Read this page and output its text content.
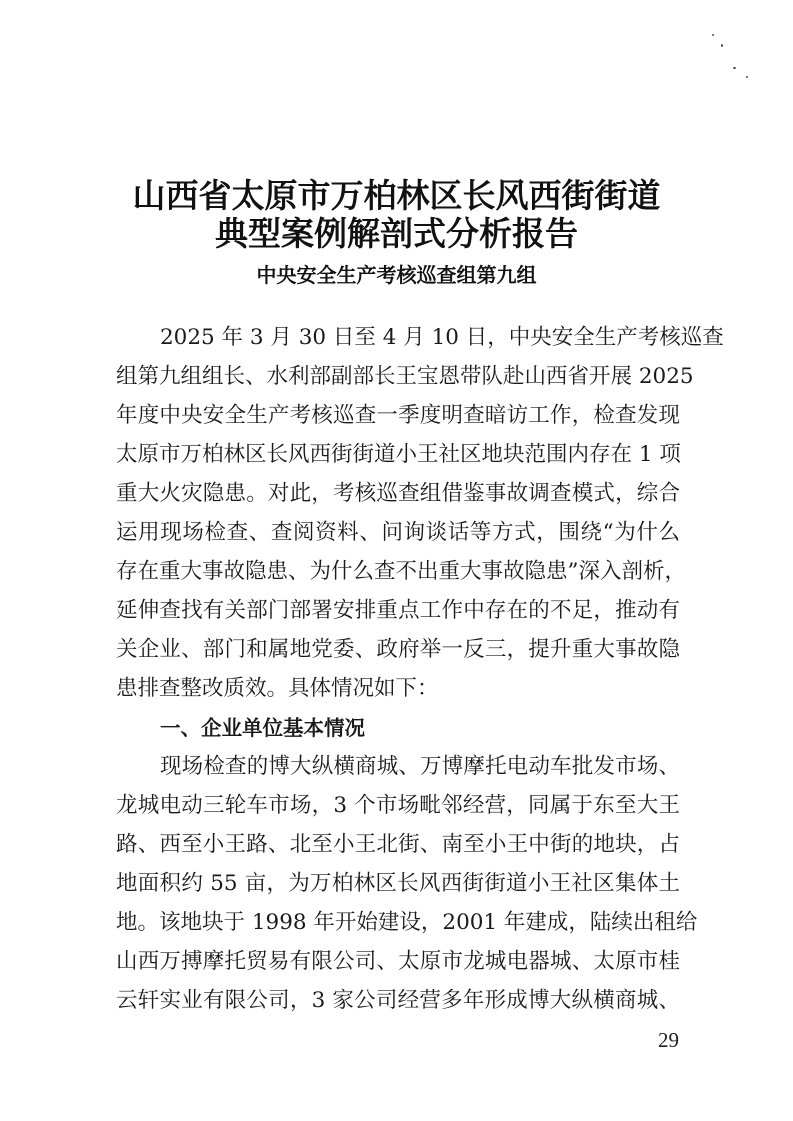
山西省太原市万柏林区长风西街街道
典型案例解剖式分析报告
中央安全生产考核巡查组第九组
2025 年 3 月 30 日至 4 月 10 日，中央安全生产考核巡查
组第九组组长、水利部副部长王宝恩带队赴山西省开展 2025
年度中央安全生产考核巡查一季度明查暗访工作，检查发现
太原市万柏林区长风西街街道小王社区地块范围内存在 1 项
重大火灾隐患。对此，考核巡查组借鉴事故调查模式，综合
运用现场检查、查阅资料、问询谈话等方式，围绕“为什么
存在重大事故隐患、为什么查不出重大事故隐患”深入剖析，
延伸查找有关部门部署安排重点工作中存在的不足，推动有
关企业、部门和属地党委、政府举一反三，提升重大事故隐
患排查整改质效。具体情况如下：
一、企业单位基本情况
现场检查的博大纵横商城、万博摩托电动车批发市场、
龙城电动三轮车市场，3 个市场毗邻经营，同属于东至大王
路、西至小王路、北至小王北街、南至小王中街的地块，占
地面积约 55 亩，为万柏林区长风西街街道小王社区集体土
地。该地块于 1998 年开始建设，2001 年建成，陆续出租给
山西万搏摩托贸易有限公司、太原市龙城电器城、太原市桂
云轩实业有限公司，3 家公司经营多年形成博大纵横商城、
29
